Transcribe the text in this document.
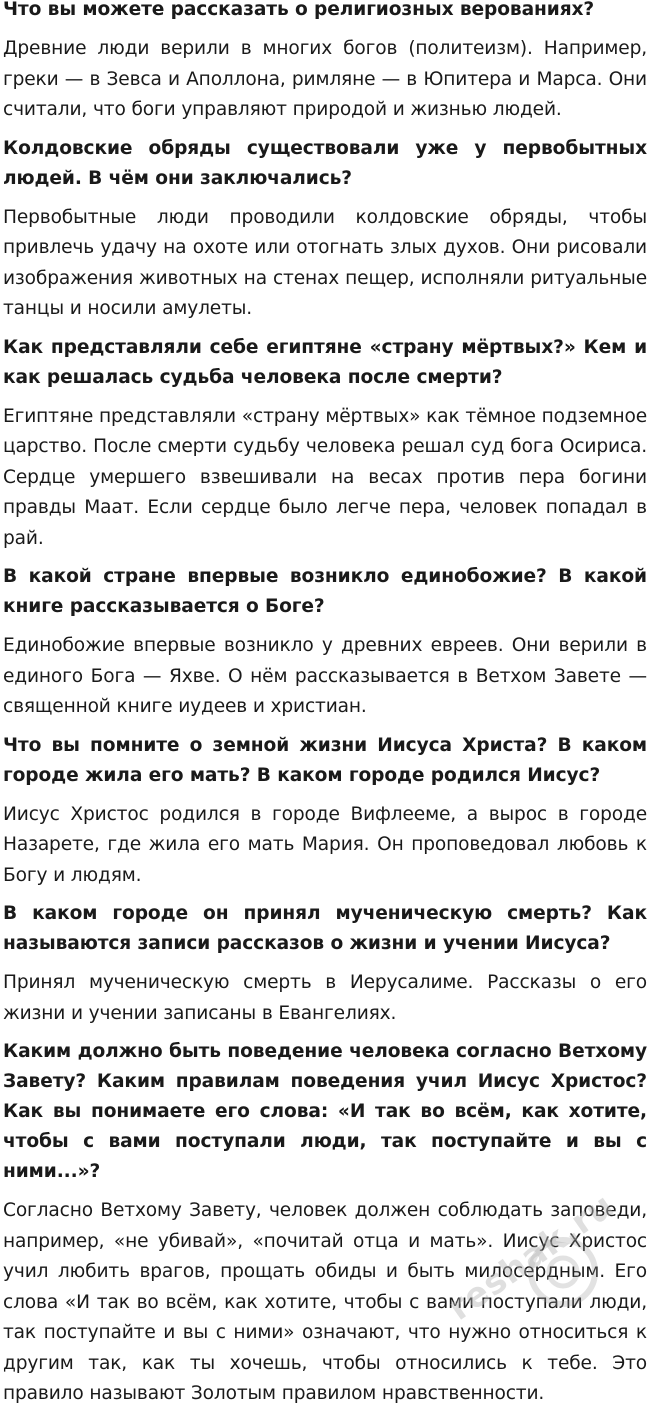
Что вы можете рассказать о религиозных верованиях?

Древние люди верили в многих богов (политеизм). Например, греки — в Зевса и Аполлона, римляне — в Юпитера и Марса. Они считали, что боги управляют природой и жизнью людей.

Колдовские обряды существовали уже у первобытных людей. В чём они заключались?

Первобытные люди проводили колдовские обряды, чтобы привлечь удачу на охоте или отогнать злых духов. Они рисовали изображения животных на стенах пещер, исполняли ритуальные танцы и носили амулеты.

Как представляли себе египтяне «страну мёртвых?» Кем и как решалась судьба человека после смерти?

Египтяне представляли «страну мёртвых» как тёмное подземное царство. После смерти судьбу человека решал суд бога Осириса. Сердце умершего взвешивали на весах против пера богини правды Маат. Если сердце было легче пера, человек попадал в рай.

В какой стране впервые возникло единобожие? В какой книге рассказывается о Боге?

Единобожие впервые возникло у древних евреев. Они верили в единого Бога — Яхве. О нём рассказывается в Ветхом Завете — священной книге иудеев и христиан.

Что вы помните о земной жизни Иисуса Христа? В каком городе жила его мать? В каком городе родился Иисус?

Иисус Христос родился в городе Вифлееме, а вырос в городе Назарете, где жила его мать Мария. Он проповедовал любовь к Богу и людям.

В каком городе он принял мученическую смерть? Как называются записи рассказов о жизни и учении Иисуса?

Принял мученическую смерть в Иерусалиме. Рассказы о его жизни и учении записаны в Евангелиях.

Каким должно быть поведение человека согласно Ветхому Завету? Каким правилам поведения учил Иисус Христос? Как вы понимаете его слова: «И так во всём, как хотите, чтобы с вами поступали люди, так поступайте и вы с ними...»?

Согласно Ветхому Завету, человек должен соблюдать заповеди, например, «не убивай», «почитай отца и мать». Иисус Христос учил любить врагов, прощать обиды и быть милосердным. Его слова «И так во всём, как хотите, чтобы с вами поступали люди, так поступайте и вы с ними» означают, что нужно относиться к другим так, как ты хочешь, чтобы относились к тебе. Это правило называют Золотым правилом нравственности.

reshak.ru
